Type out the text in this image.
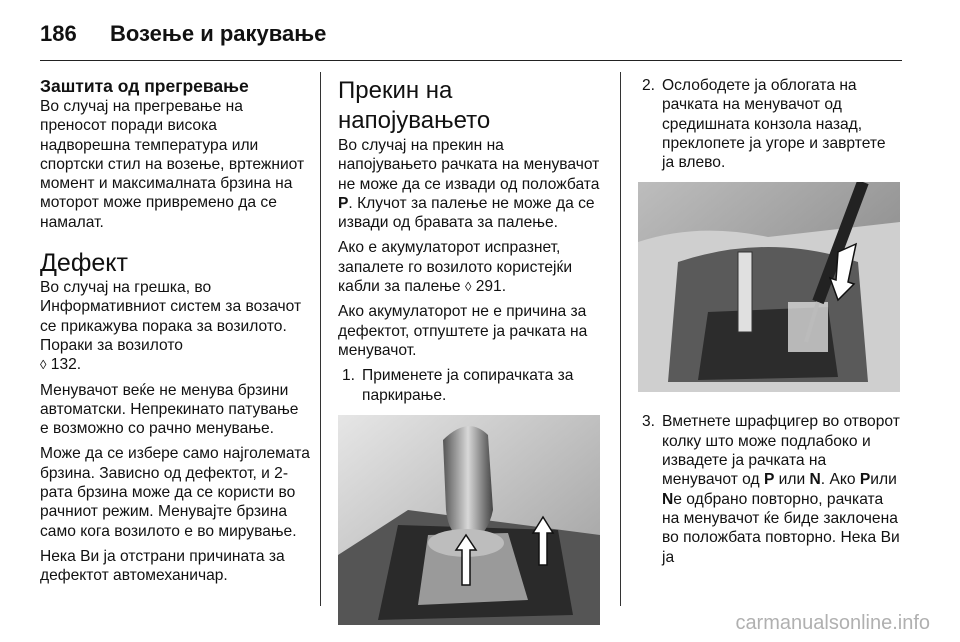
186	Возење и ракување
Заштита од прегревање

Во случај на прегревање на преносот поради висока надворешна температура или спортски стил на возење, вртежниот момент и максималната брзина на моторот може привремено да се намалат.

Дефект

Во случај на грешка, во Информативниот систем за возачот се прикажува порака за возилото. Пораки за возилото
◊ 132.

Менувачот веќе не менува брзини автоматски. Непрекинато патување е возможно со рачно менување.

Може да се избере само најголемата брзина. Зависно од дефектот, и 2-рата брзина може да се користи во рачниот режим. Менувајте брзина само кога возилото е во мирување.

Нека Ви ја отстрани причината за дефектот автомеханичар.

Прекин на напојувањето

Во случај на прекин на напојувањето рачката на менувачот не може да се извади од положбата P. Клучот за палење не може да се извади од бравата за палење.

Ако е акумулаторот испразнет, запалете го возилото користејќи кабли за палење ◊ 291.

Ако акумулаторот не е причина за дефектот, отпуштете ја рачката на менувачот.

1. Применете ја сопирачката за паркирање.
2. Ослободете ја облогата на рачката на менувачот од средишната конзола назад, преклопете ја угоре и завртете ја влево.
3. Вметнете шрафцигер во отворот колку што може подлабоко и извадете ја рачката на менувачот од P или N. Ако Pили Nе одбрано повторно, рачката на менувачот ќе биде заклочена во положбата повторно. Нека Ви ја
carmanualsonline.info
